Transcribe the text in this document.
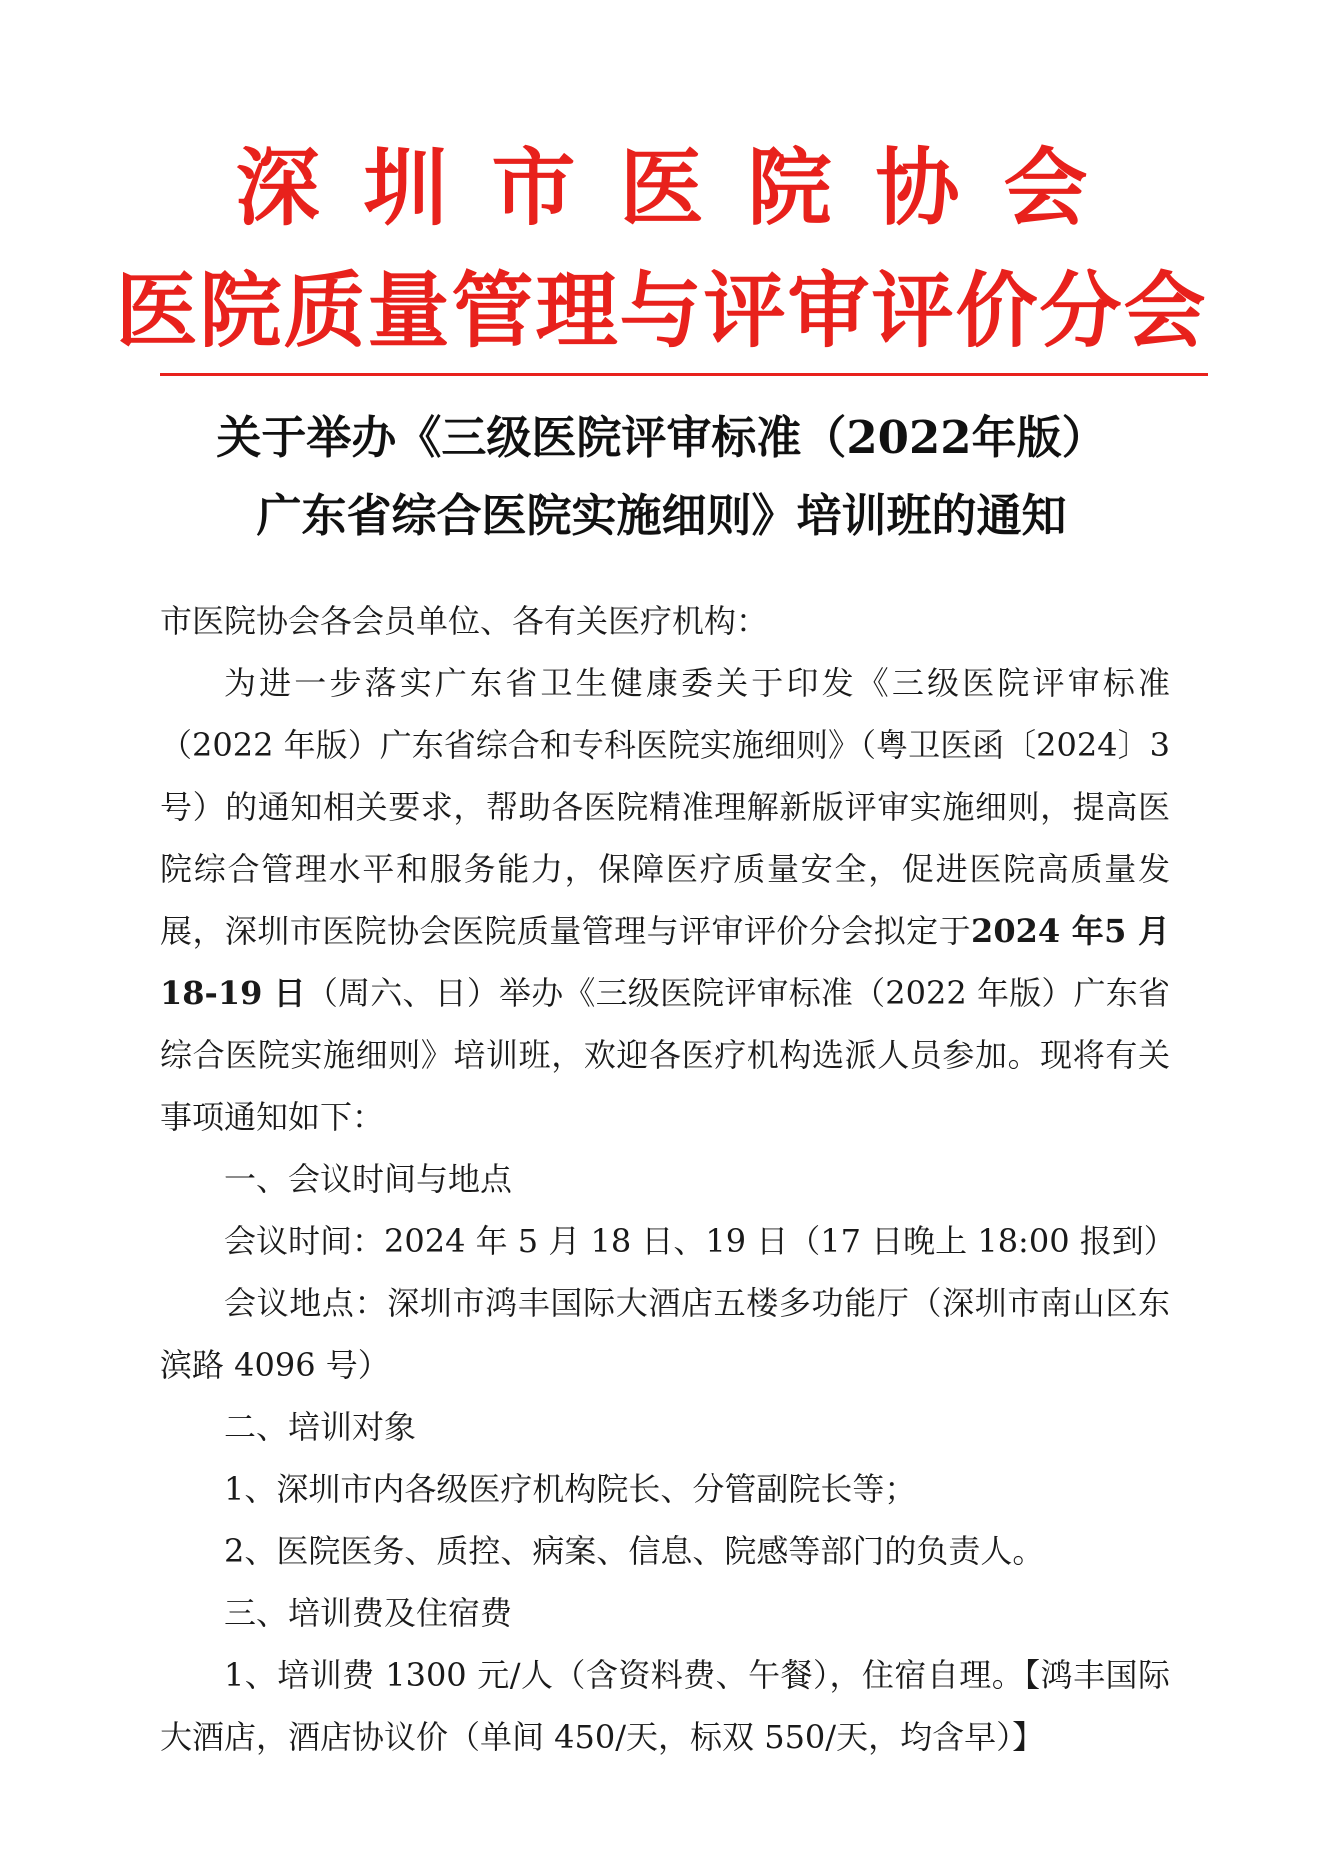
深圳市医院协会
医院质量管理与评审评价分会
关于举办《三级医院评审标准（2022年版）
广东省综合医院实施细则》培训班的通知

市医院协会各会员单位、各有关医疗机构：

为进一步落实广东省卫生健康委关于印发《三级医院评审标准（2022 年版）广东省综合和专科医院实施细则》（粤卫医函〔2024〕3 号）的通知相关要求，帮助各医院精准理解新版评审实施细则，提高医院综合管理水平和服务能力，保障医疗质量安全，促进医院高质量发展，深圳市医院协会医院质量管理与评审评价分会拟定于2024 年5 月 18-19 日（周六、日）举办《三级医院评审标准（2022 年版）广东省综合医院实施细则》培训班，欢迎各医疗机构选派人员参加。现将有关事项通知如下：

一、会议时间与地点

会议时间：2024 年 5 月 18 日、19 日（17 日晚上 18:00 报到）

会议地点：深圳市鸿丰国际大酒店五楼多功能厅（深圳市南山区东滨路 4096 号）

二、培训对象

1、深圳市内各级医疗机构院长、分管副院长等；

2、医院医务、质控、病案、信息、院感等部门的负责人。

三、培训费及住宿费

1、培训费 1300 元/人（含资料费、午餐），住宿自理。【鸿丰国际大酒店，酒店协议价（单间 450/天，标双 550/天，均含早）】
